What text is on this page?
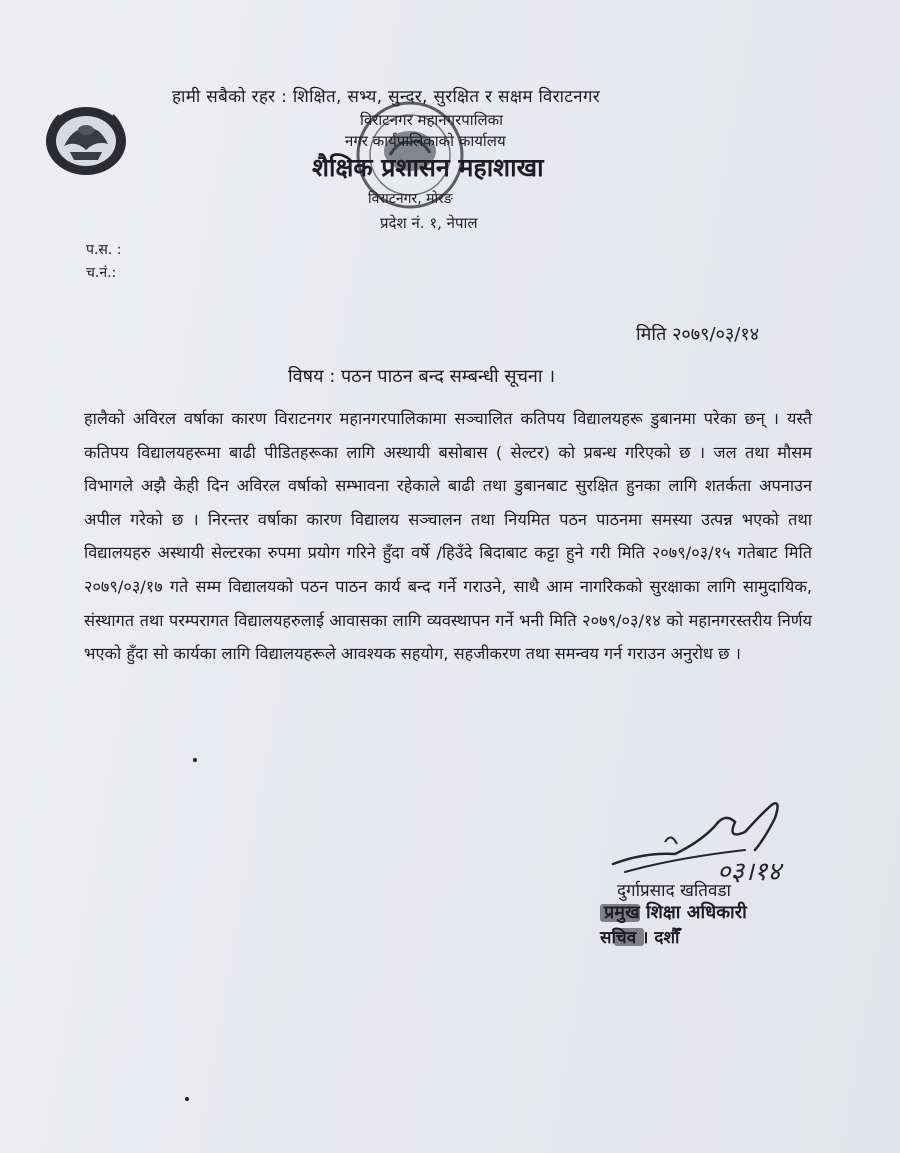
हामी सबैको रहर : शिक्षित, सभ्य, सुन्दर, सुरक्षित र सक्षम विराटनगर
विराटनगर महानगरपालिका
नगर कार्यपालिकाको कार्यालय
शैक्षिक प्रशासन महाशाखा
विराटनगर, मोरङ
प्रदेश नं. १, नेपाल
प.स. :
च.नं.:
मिति २०७९/०३/१४
विषय : पठन पाठन बन्द सम्बन्धी सूचना ।

हालैको अविरल वर्षाका कारण विराटनगर महानगरपालिकामा सञ्चालित कतिपय विद्यालयहरू डुबानमा परेका छन् । यस्तै कतिपय विद्यालयहरूमा बाढी पीडितहरूका लागि अस्थायी बसोबास ( सेल्टर) को प्रबन्ध गरिएको छ । जल तथा मौसम विभागले अझै केही दिन अविरल वर्षाको सम्भावना रहेकाले बाढी तथा डुबानबाट सुरक्षित हुनका लागि शतर्कता अपनाउन अपील गरेको छ । निरन्तर वर्षाका कारण विद्यालय सञ्चालन तथा नियमित पठन पाठनमा समस्या उत्पन्न भएको तथा विद्यालयहरु अस्थायी सेल्टरका रुपमा प्रयोग गरिने हुँदा वर्षे /हिउँदे बिदाबाट कट्टा हुने गरी मिति २०७९/०३/१५ गतेबाट मिति २०७९/०३/१७ गते सम्म विद्यालयको पठन पाठन कार्य बन्द गर्ने गराउने, साथै आम नागरिकको सुरक्षाका लागि सामुदायिक, संस्थागत तथा परम्परागत विद्यालयहरुलाई आवासका लागि व्यवस्थापन गर्ने भनी मिति २०७९/०३/१४ को महानगरस्तरीय निर्णय भएको हुँदा सो कार्यका लागि विद्यालयहरूले आवश्यक सहयोग, सहजीकरण तथा समन्वय गर्न गराउन अनुरोध छ ।

०३।१४
दुर्गाप्रसाद खतिवडा
प्रमुख शिक्षा अधिकारी
सचिव । दशौँ
